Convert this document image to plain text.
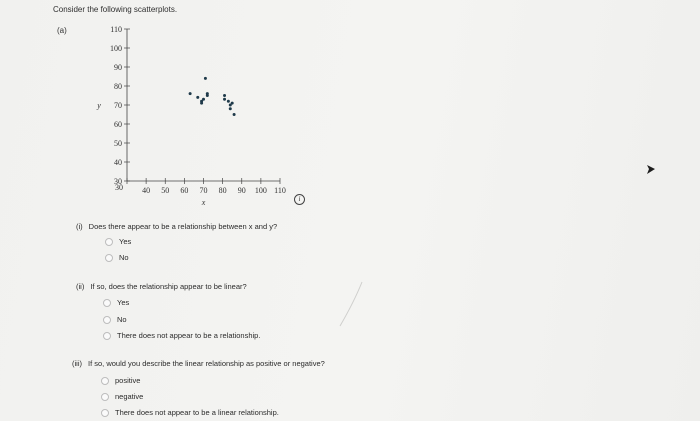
Consider the following scatterplots.
(a)
30
40
50
60
70
80
90
100
110
40 50 60 70 80 90 100 110
30
y
x	i
(i) Does there appear to be a relationship between x and y?
Yes
No
(ii) If so, does the relationship appear to be linear?
Yes
No
There does not appear to be a relationship.
(iii) If so, would you describe the linear relationship as positive or negative?
positive
negative
There does not appear to be a linear relationship.
